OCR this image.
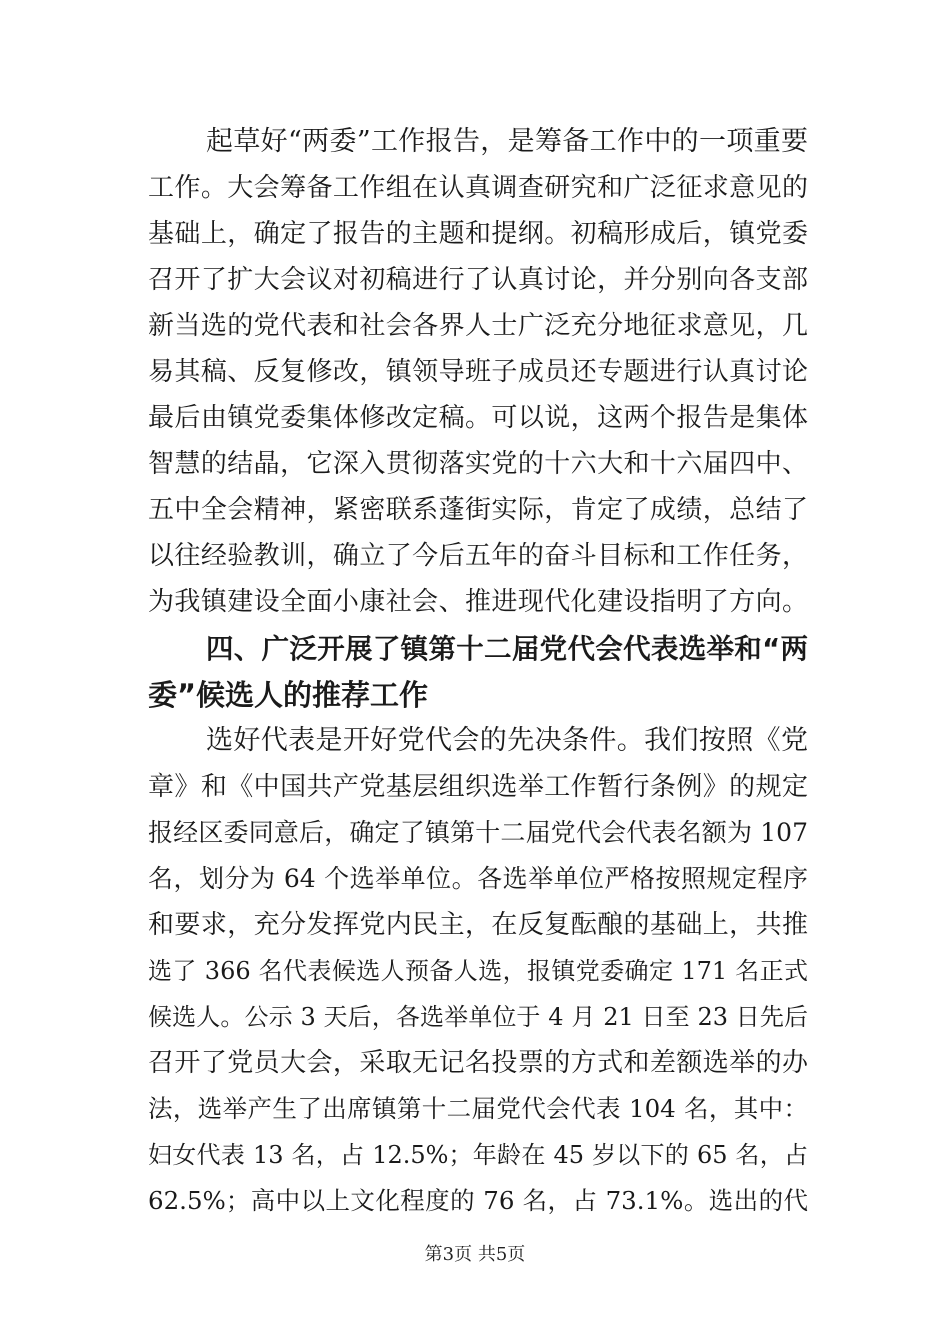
起草好“两委”工作报告，是筹备工作中的一项重要
工作。大会筹备工作组在认真调查研究和广泛征求意见的
基础上，确定了报告的主题和提纲。初稿形成后，镇党委
召开了扩大会议对初稿进行了认真讨论，并分别向各支部
新当选的党代表和社会各界人士广泛充分地征求意见，几
易其稿、反复修改，镇领导班子成员还专题进行认真讨论
最后由镇党委集体修改定稿。可以说，这两个报告是集体
智慧的结晶，它深入贯彻落实党的十六大和十六届四中、
五中全会精神，紧密联系蓬街实际，肯定了成绩，总结了
以往经验教训，确立了今后五年的奋斗目标和工作任务，
为我镇建设全面小康社会、推进现代化建设指明了方向。
四、广泛开展了镇第十二届党代会代表选举和“两
委”候选人的推荐工作
选好代表是开好党代会的先决条件。我们按照《党
章》和《中国共产党基层组织选举工作暂行条例》的规定
报经区委同意后，确定了镇第十二届党代会代表名额为 107
名，划分为 64 个选举单位。各选举单位严格按照规定程序
和要求，充分发挥党内民主，在反复酝酿的基础上，共推
选了 366 名代表候选人预备人选，报镇党委确定 171 名正式
候选人。公示 3 天后，各选举单位于 4 月 21 日至 23 日先后
召开了党员大会，采取无记名投票的方式和差额选举的办
法，选举产生了出席镇第十二届党代会代表 104 名，其中：
妇女代表 13 名，占 12.5%；年龄在 45 岁以下的 65 名，占
62.5%；高中以上文化程度的 76 名，占 73.1%。选出的代
第3页 共5页
